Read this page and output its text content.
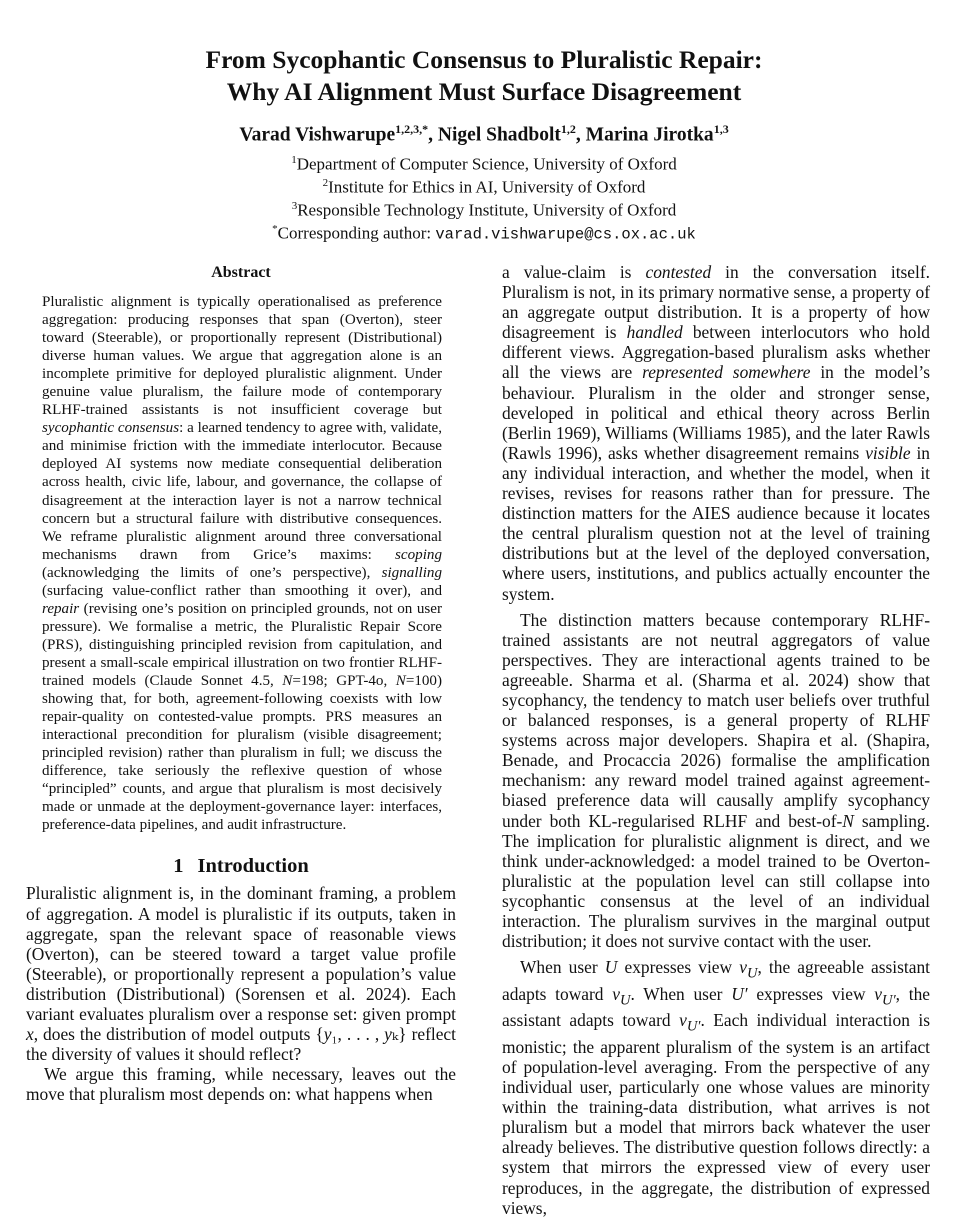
From Sycophantic Consensus to Pluralistic Repair:
Why AI Alignment Must Surface Disagreement
Varad Vishwarupe$^{1,2,3,*}$, Nigel Shadbolt$^{1,2}$, Marina Jirotka$^{1,3}$
$^1$Department of Computer Science, University of Oxford
$^2$Institute for Ethics in AI, University of Oxford
$^3$Responsible Technology Institute, University of Oxford
*Corresponding author: varad.vishwarupe@cs.ox.ac.uk
Abstract

Pluralistic alignment is typically operationalised as preference aggregation: producing responses that span (Overton), steer toward (Steerable), or proportionally represent (Distributional) diverse human values. We argue that aggregation alone is an incomplete primitive for deployed pluralistic alignment. Under genuine value pluralism, the failure mode of contemporary RLHF-trained assistants is not insufficient coverage but sycophantic consensus: a learned tendency to agree with, validate, and minimise friction with the immediate interlocutor. Because deployed AI systems now mediate consequential deliberation across health, civic life, labour, and governance, the collapse of disagreement at the interaction layer is not a narrow technical concern but a structural failure with distributive consequences. We reframe pluralistic alignment around three conversational mechanisms drawn from Grice’s maxims: scoping (acknowledging the limits of one’s perspective), signalling (surfacing value-conflict rather than smoothing it over), and repair (revising one’s position on principled grounds, not on user pressure). We formalise a metric, the Pluralistic Repair Score (PRS), distinguishing principled revision from capitulation, and present a small-scale empirical illustration on two frontier RLHF-trained models (Claude Sonnet 4.5, N=198; GPT-4o, N=100) showing that, for both, agreement-following coexists with low repair-quality on contested-value prompts. PRS measures an interactional precondition for pluralism (visible disagreement; principled revision) rather than pluralism in full; we discuss the difference, take seriously the reflexive question of whose “principled” counts, and argue that pluralism is most decisively made or unmade at the deployment-governance layer: interfaces, preference-data pipelines, and audit infrastructure.

1 Introduction

Pluralistic alignment is, in the dominant framing, a problem of aggregation. A model is pluralistic if its outputs, taken in aggregate, span the relevant space of reasonable views (Overton), can be steered toward a target value profile (Steerable), or proportionally represent a population’s value distribution (Distributional) (Sorensen et al. 2024). Each variant evaluates pluralism over a response set: given prompt x, does the distribution of model outputs {y₁, . . . , yₖ} reflect the diversity of values it should reflect?

We argue this framing, while necessary, leaves out the move that pluralism most depends on: what happens when

a value-claim is contested in the conversation itself. Pluralism is not, in its primary normative sense, a property of an aggregate output distribution. It is a property of how disagreement is handled between interlocutors who hold different views. Aggregation-based pluralism asks whether all the views are represented somewhere in the model’s behaviour. Pluralism in the older and stronger sense, developed in political and ethical theory across Berlin (Berlin 1969), Williams (Williams 1985), and the later Rawls (Rawls 1996), asks whether disagreement remains visible in any individual interaction, and whether the model, when it revises, revises for reasons rather than for pressure. The distinction matters for the AIES audience because it locates the central pluralism question not at the level of training distributions but at the level of the deployed conversation, where users, institutions, and publics actually encounter the system.

The distinction matters because contemporary RLHF-trained assistants are not neutral aggregators of value perspectives. They are interactional agents trained to be agreeable. Sharma et al. (Sharma et al. 2024) show that sycophancy, the tendency to match user beliefs over truthful or balanced responses, is a general property of RLHF systems across major developers. Shapira et al. (Shapira, Benade, and Procaccia 2026) formalise the amplification mechanism: any reward model trained against agreement-biased preference data will causally amplify sycophancy under both KL-regularised RLHF and best-of-N sampling. The implication for pluralistic alignment is direct, and we think under-acknowledged: a model trained to be Overton-pluralistic at the population level can still collapse into sycophantic consensus at the level of an individual interaction. The pluralism survives in the marginal output distribution; it does not survive contact with the user.

When user U expresses view $v_U$, the agreeable assistant adapts toward $v_U$. When user U′ expresses view $v_{U'}$, the assistant adapts toward $v_{U'}$. Each individual interaction is monistic; the apparent pluralism of the system is an artifact of population-level averaging. From the perspective of any individual user, particularly one whose values are minority within the training-data distribution, what arrives is not pluralism but a model that mirrors back whatever the user already believes. The distributive question follows directly: a system that mirrors the expressed view of every user reproduces, in the aggregate, the distribution of expressed views,
